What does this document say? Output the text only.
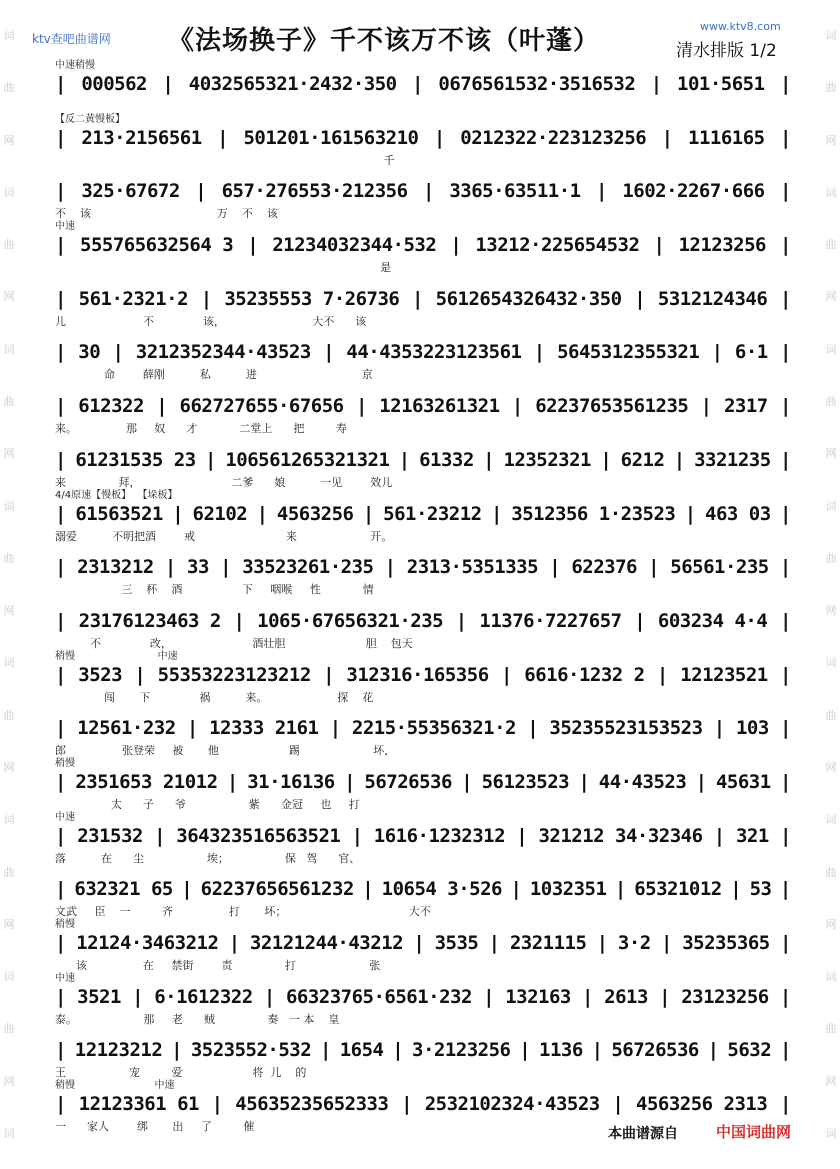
词
曲
网
词
曲
网
词
曲
网
词
曲
网
词
曲
网
词
曲
网
词
曲
网
词
词
曲
网
词
曲
网
词
曲
网
词
曲
网
词
曲
网
词
曲
网
词
曲
网
词
ktv查吧曲谱网 《法场换子》千不该万不该（叶蓬）	www.ktv8.com
清水排版 1/2
中速稍慢
| 000562 | 4032565321·2432·350 | 0676561532·3516532 | 101·5651 |
【反二黄慢板】
| 213·2156561 | 501201·161563210 | 0212322·223123256 | 1116165 |
千
| 325·67672 | 657·276553·212356 | 3365·63511·1 | 1602·2267·666 |
不    该                                    万    不    该
中速
| 555765632564 3 | 21234032344·532 | 13212·225654532 | 12123256 |
是
| 561·2321·2 | 35235553 7·26736 | 5612654326432·350 | 5312124346 |
儿                      不              该，                         大不      该
| 30 | 3212352344·43523 | 44·4353223123561 | 5645312355321 | 6·1 |
命        薛刚          私          进                              京
| 612322 | 662727655·67656 | 12163261321 | 62237653561235 | 2317 |
来。              那     奴      才            二堂上      把         寿
| 61231535 23 | 106561265321321 | 61332 | 12352321 | 6212 | 3321235 |
来               拜，                          二爹      娘          一见        效儿
4/4原速【慢板】  【垛板】
| 61563521 | 62102 | 4563256 | 561·23212 | 3512356 1·23523 | 463 03 |
溺爱          不明把酒        戒                          来                     开。
| 2313212 | 33 | 33523261·235 | 2313·5351335 | 622376 | 56561·235 |
三    杯    酒                 下     咽喉     性            情
| 23176123463 2 | 1065·67656321·235 | 11376·7227657 | 603234 4·4 |
不              改，                       酒壮胆                       胆    包天
稍慢                          中速
| 3523 | 55353223123212 | 312316·165356 | 6616·1232 2 | 12123521 |
闯       下              祸          来。                    探    花
| 12561·232 | 12333 2161 | 2215·55356321·2 | 35235523153523 | 103 |
郎                张登荣     被       他                    踢                     坏，
稍慢
| 2351653 21012 | 31·16136 | 56726536 | 56123523 | 44·43523 | 45631 |
太      子      爷                  紫      金冠     也     打
中速
| 231532 | 364323516563521 | 1616·1232312 | 321212 34·32346 | 321 |
落          在      尘                  埃；                保   驾      官、
| 632321 65 | 62237656561232 | 10654 3·526 | 1032351 | 65321012 | 53 |
文武     臣    一         齐                打       坏；                                   大不
稍慢
| 12124·3463212 | 32121244·43212 | 3535 | 2321115 | 3·2 | 35235365 |
该                在     禁街        责               打                     张
中速
| 3521 | 6·1612322 | 66323765·6561·232 | 132163 | 2613 | 23123256 |
泰。                   那     老      贼               奏   一 本    皇
| 12123212 | 3523552·532 | 1654 | 3·2123256 | 1136 | 56726536 | 5632 |
王                  宠         爱                    将  儿    的
稍慢                         中速
| 12123361 61 | 45635235652333 | 2532102324·43523 | 4563256 2313 |
一      家人        绑       出     了         催	本曲谱源自	中国词曲网
